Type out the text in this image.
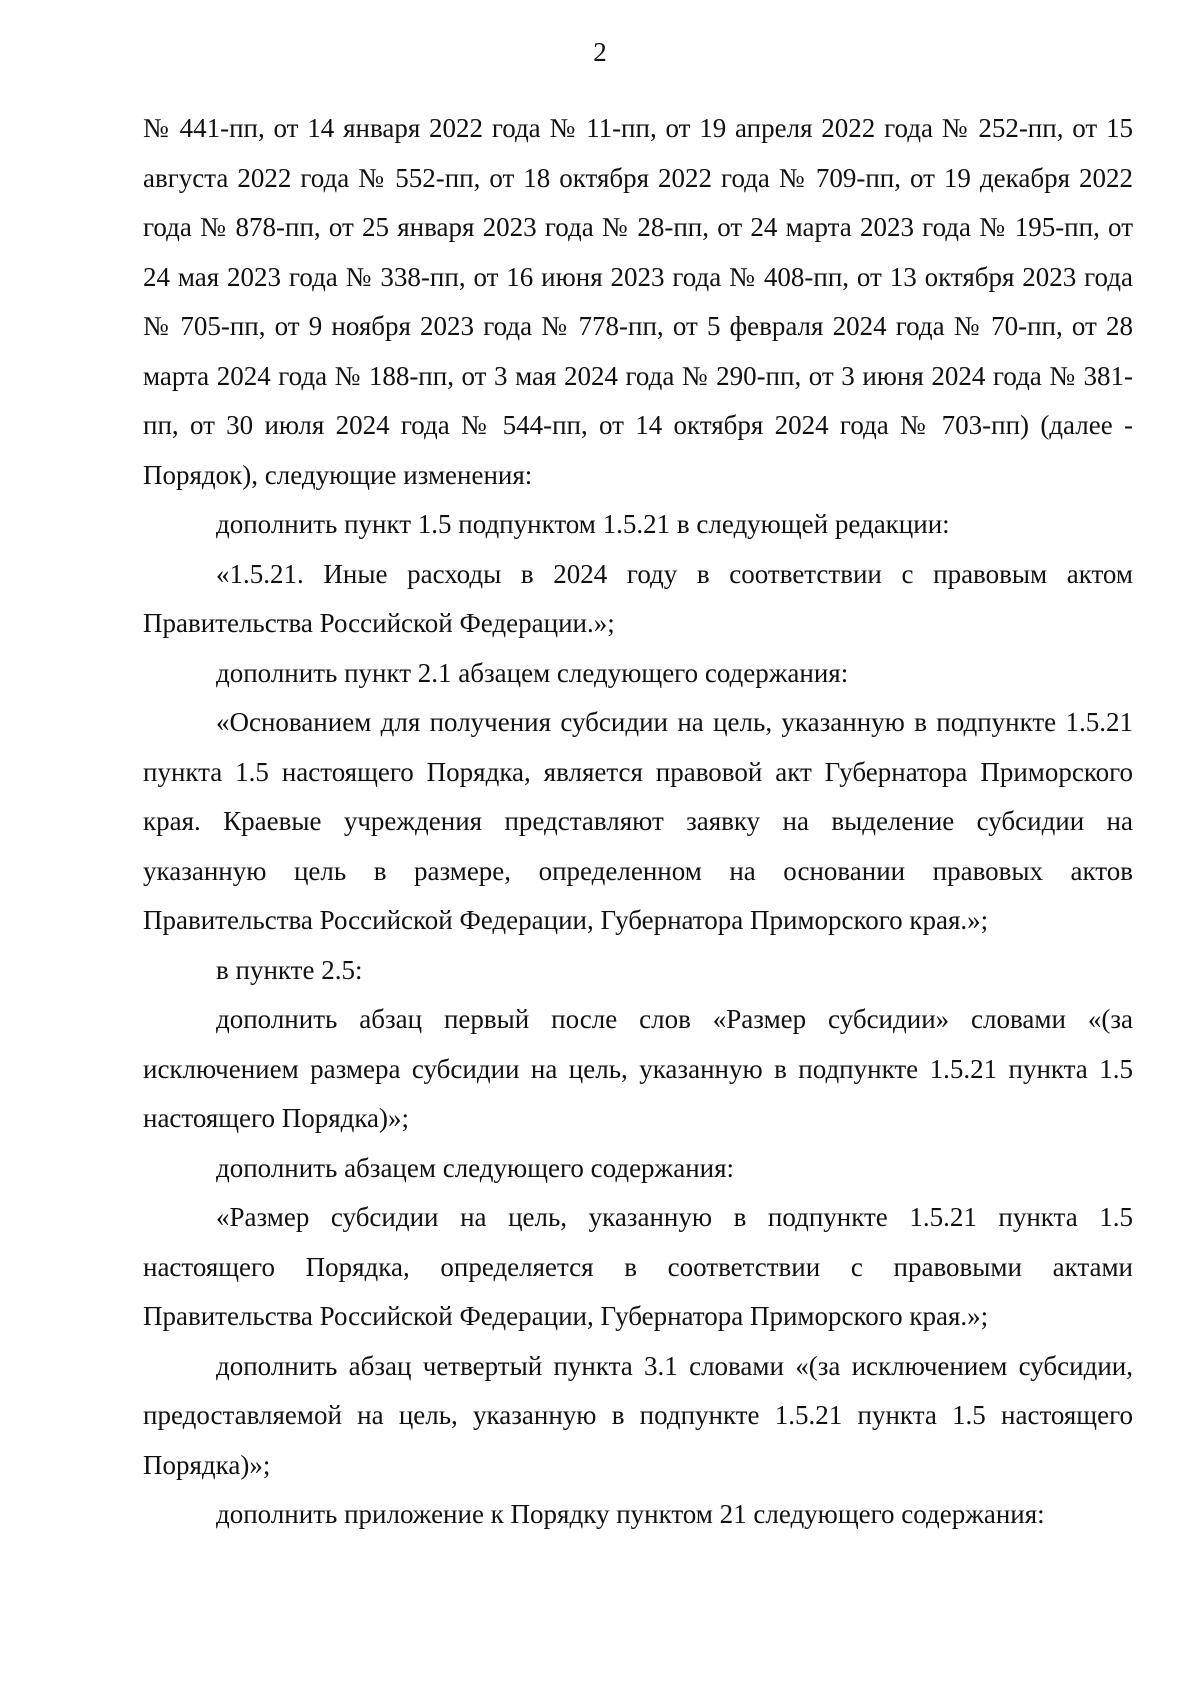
2

№ 441-пп, от 14 января 2022 года № 11-пп, от 19 апреля 2022 года № 252-пп, от 15 августа 2022 года № 552-пп, от 18 октября 2022 года № 709-пп, от 19 декабря 2022 года № 878-пп, от 25 января 2023 года № 28-пп, от 24 марта 2023 года № 195-пп, от 24 мая 2023 года № 338-пп, от 16 июня 2023 года № 408-пп, от 13 октября 2023 года № 705-пп, от 9 ноября 2023 года № 778-пп, от 5 февраля 2024 года № 70-пп, от 28 марта 2024 года № 188-пп, от 3 мая 2024 года № 290-пп, от 3 июня 2024 года № 381-пп, от 30 июля 2024 года № 544-пп, от 14 октября 2024 года № 703-пп) (далее - Порядок), следующие изменения:

дополнить пункт 1.5 подпунктом 1.5.21 в следующей редакции:

«1.5.21. Иные расходы в 2024 году в соответствии с правовым актом Правительства Российской Федерации.»;

дополнить пункт 2.1 абзацем следующего содержания:

«Основанием для получения субсидии на цель, указанную в подпункте 1.5.21 пункта 1.5 настоящего Порядка, является правовой акт Губернатора Приморского края. Краевые учреждения представляют заявку на выделение субсидии на указанную цель в размере, определенном на основании правовых актов Правительства Российской Федерации, Губернатора Приморского края.»;

в пункте 2.5:

дополнить абзац первый после слов «Размер субсидии» словами «(за исключением размера субсидии на цель, указанную в подпункте 1.5.21 пункта 1.5 настоящего Порядка)»;

дополнить абзацем следующего содержания:

«Размер субсидии на цель, указанную в подпункте 1.5.21 пункта 1.5 настоящего Порядка, определяется в соответствии с правовыми актами Правительства Российской Федерации, Губернатора Приморского края.»;

дополнить абзац четвертый пункта 3.1 словами «(за исключением субсидии, предоставляемой на цель, указанную в подпункте 1.5.21 пункта 1.5 настоящего Порядка)»;

дополнить приложение к Порядку пунктом 21 следующего содержания:
